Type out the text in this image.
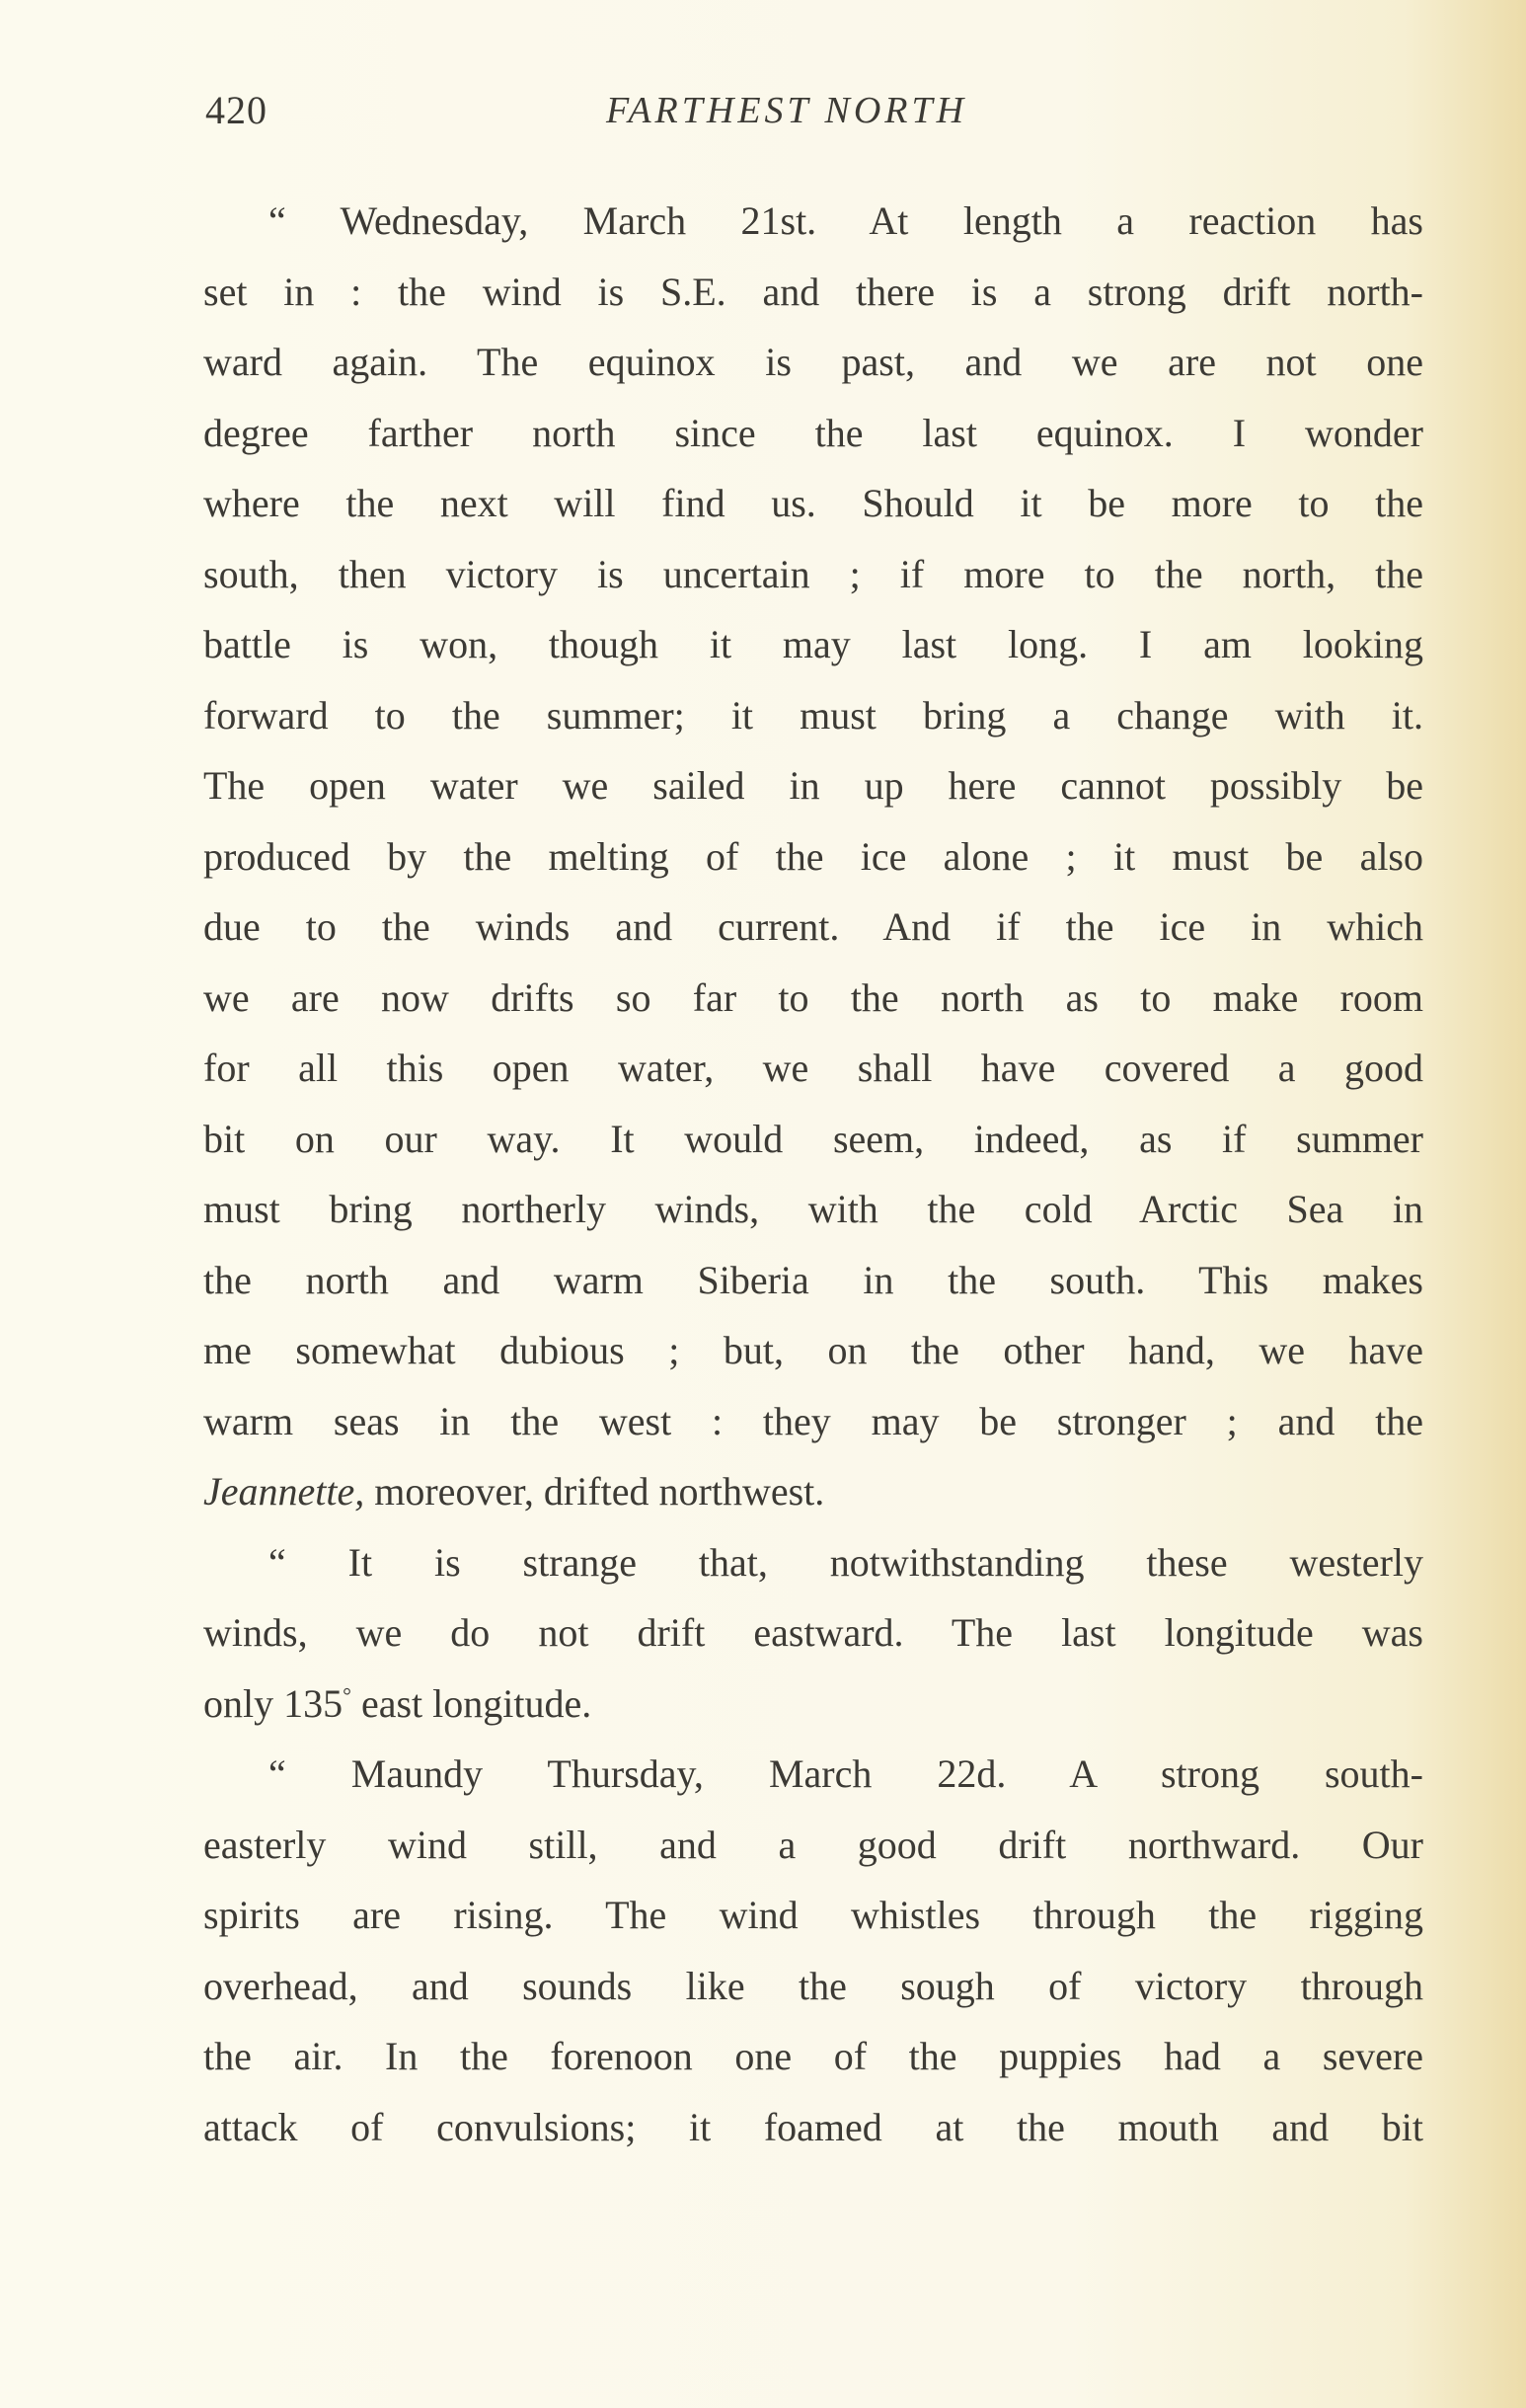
420	FARTHEST NORTH
“ Wednesday, March 21st. At length a reaction has
set in : the wind is S.E. and there is a strong drift north-
ward again. The equinox is past, and we are not one
degree farther north since the last equinox. I wonder
where the next will find us. Should it be more to the
south, then victory is uncertain ; if more to the north, the
battle is won, though it may last long. I am looking
forward to the summer; it must bring a change with it.
The open water we sailed in up here cannot possibly be
produced by the melting of the ice alone ; it must be also
due to the winds and current. And if the ice in which
we are now drifts so far to the north as to make room
for all this open water, we shall have covered a good
bit on our way. It would seem, indeed, as if summer
must bring northerly winds, with the cold Arctic Sea in
the north and warm Siberia in the south. This makes
me somewhat dubious ; but, on the other hand, we have
warm seas in the west : they may be stronger ; and the
Jeannette, moreover, drifted northwest.
“ It is strange that, notwithstanding these westerly
winds, we do not drift eastward. The last longitude was
only 135° east longitude.
“ Maundy Thursday, March 22d. A strong south-
easterly wind still, and a good drift northward. Our
spirits are rising. The wind whistles through the rigging
overhead, and sounds like the sough of victory through
the air. In the forenoon one of the puppies had a severe
attack of convulsions; it foamed at the mouth and bit
